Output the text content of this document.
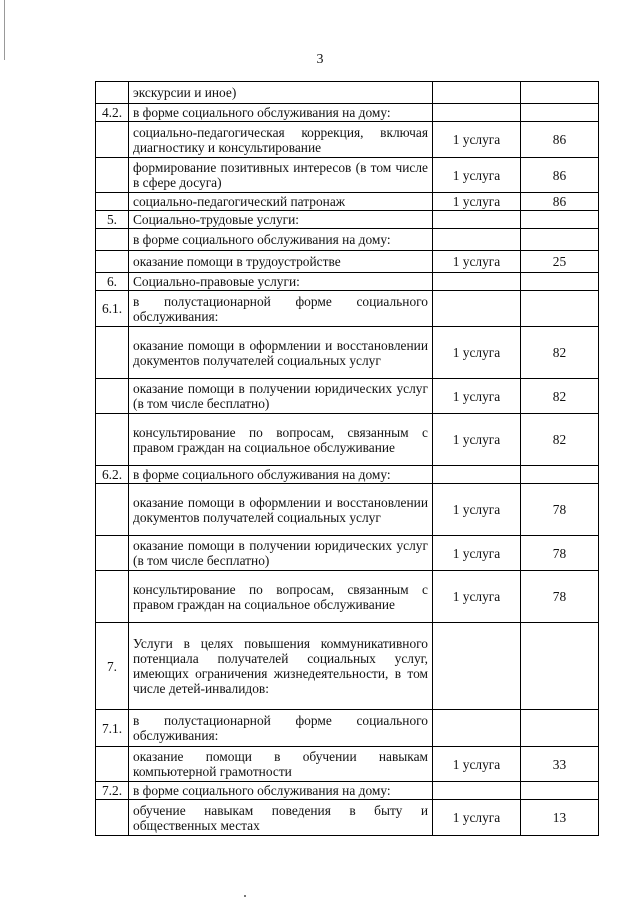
3
	экскурсии и иное)		
4.2.	в форме социального обслуживания на дому:		
	социально-педагогическая коррекция, включая диагностику и консультирование	1 услуга	86
	формирование позитивных интересов (в том числе в сфере досуга)	1 услуга	86
	социально-педагогический патронаж	1 услуга	86
5.	Социально-трудовые услуги:		
	в форме социального обслуживания на дому:		
	оказание помощи в трудоустройстве	1 услуга	25
6.	Социально-правовые услуги:		
6.1.	в полустационарной форме социального обслуживания:		
	оказание помощи в оформлении и восстановлении документов получателей социальных услуг	1 услуга	82
	оказание помощи в получении юридических услуг (в том числе бесплатно)	1 услуга	82
	консультирование по вопросам, связанным с правом граждан на социальное обслуживание	1 услуга	82
6.2.	в форме социального обслуживания на дому:		
	оказание помощи в оформлении и восстановлении документов получателей социальных услуг	1 услуга	78
	оказание помощи в получении юридических услуг (в том числе бесплатно)	1 услуга	78
	консультирование по вопросам, связанным с правом граждан на социальное обслуживание	1 услуга	78
7.	Услуги в целях повышения коммуникативного потенциала получателей социальных услуг, имеющих ограничения жизнедеятельности, в том числе детей-инвалидов:		
7.1.	в полустационарной форме социального обслуживания:		
	оказание помощи в обучении навыкам компьютерной грамотности	1 услуга	33
7.2.	в форме социального обслуживания на дому:		
	обучение навыкам поведения в быту и общественных местах	1 услуга	13
